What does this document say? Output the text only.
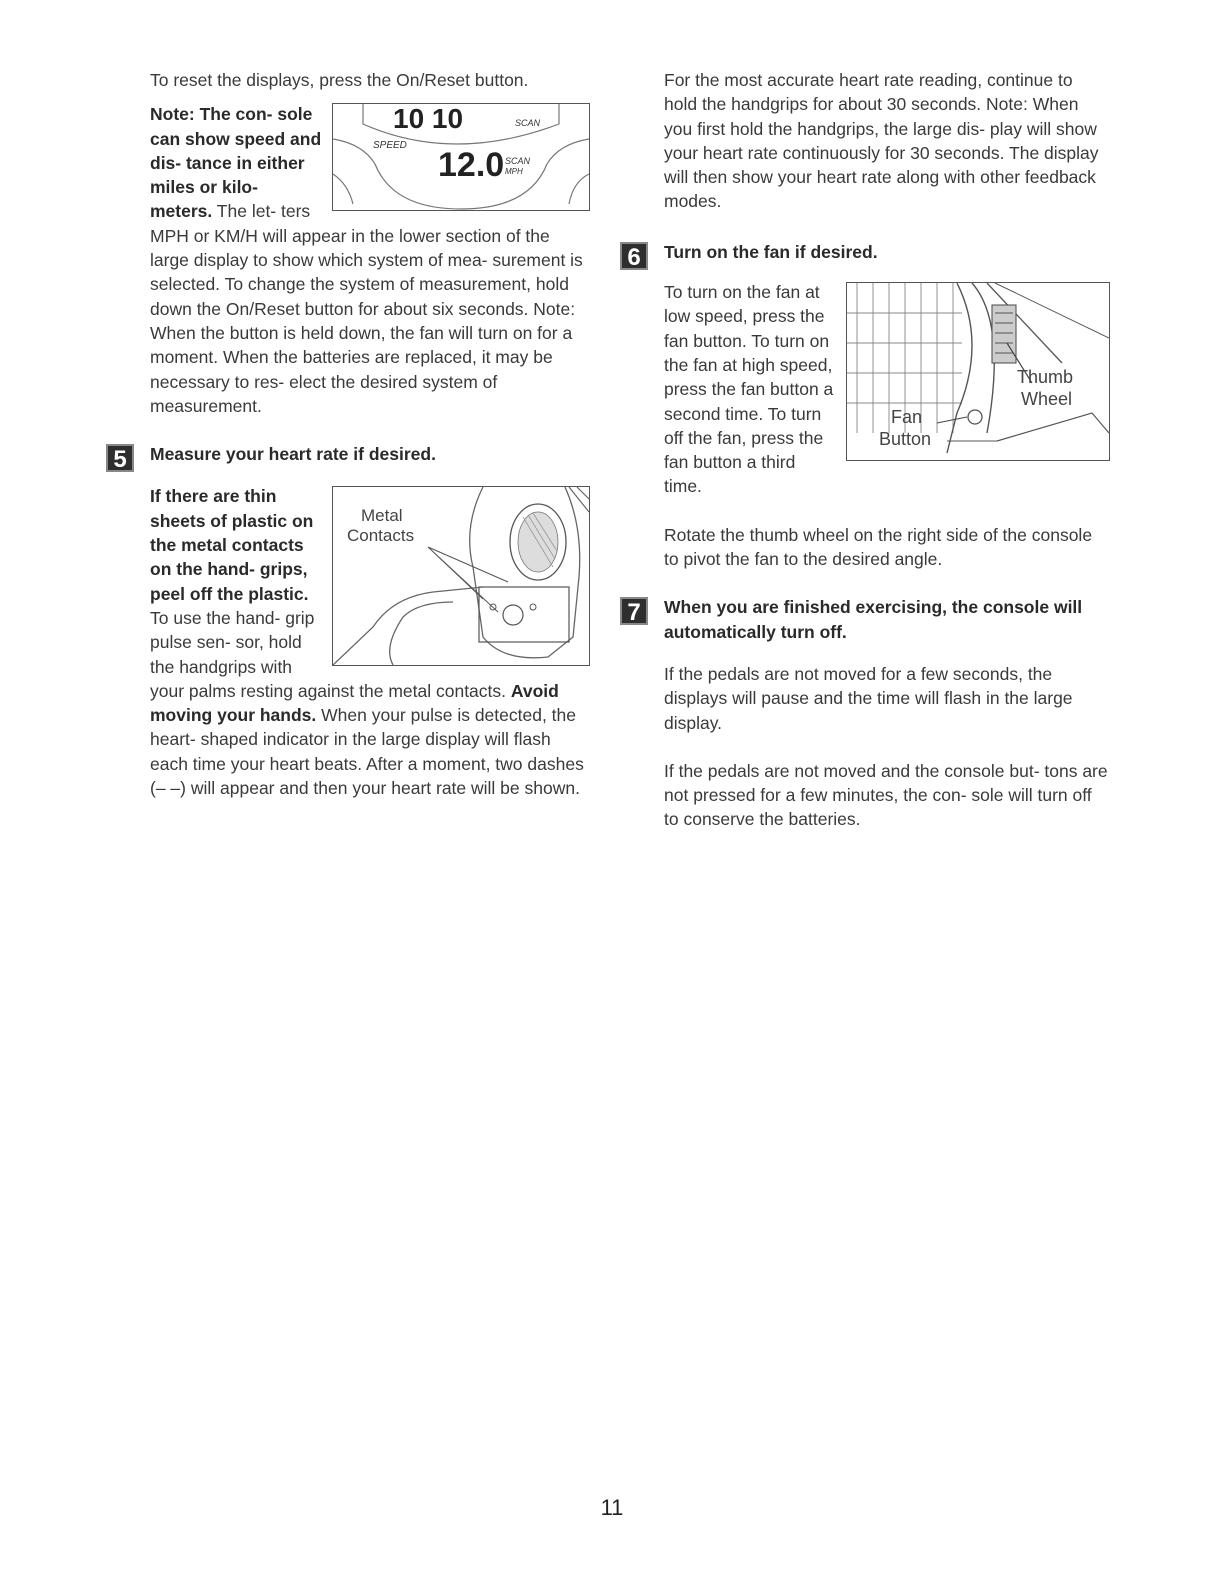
To reset the displays, press the On/Reset button.

10 10	SCAN
SPEED
12.0 SCAN
MPH

Note: The con- sole can show speed and dis- tance in either miles or kilo- meters. The let- ters MPH or KM/H will appear in the lower section of the large display to show which system of mea- surement is selected. To change the system of measurement, hold down the On/Reset button for about six seconds. Note: When the button is held down, the fan will turn on for a moment. When the batteries are replaced, it may be necessary to res- elect the desired system of measurement.

5	Measure your heart rate if desired.

Metal
Contacts

If there are thin sheets of plastic on the metal contacts on the hand- grips, peel off the plastic. To use the hand- grip pulse sen- sor, hold the handgrips with your palms resting against the metal contacts. Avoid moving your hands. When your pulse is detected, the heart- shaped indicator in the large display will flash each time your heart beats. After a moment, two dashes (– –) will appear and then your heart rate will be shown.

For the most accurate heart rate reading, continue to hold the handgrips for about 30 seconds. Note: When you first hold the handgrips, the large dis- play will show your heart rate continuously for 30 seconds. The display will then show your heart rate along with other feedback modes.

6	Turn on the fan if desired.

Thumb
Wheel
Fan
Button

To turn on the fan at low speed, press the fan button. To turn on the fan at high speed, press the fan button a second time. To turn off the fan, press the fan button a third time.

Rotate the thumb wheel on the right side of the console to pivot the fan to the desired angle.

7	When you are finished exercising, the console will automatically turn off.

If the pedals are not moved for a few seconds, the displays will pause and the time will flash in the large display.

If the pedals are not moved and the console but- tons are not pressed for a few minutes, the con- sole will turn off to conserve the batteries.

11
